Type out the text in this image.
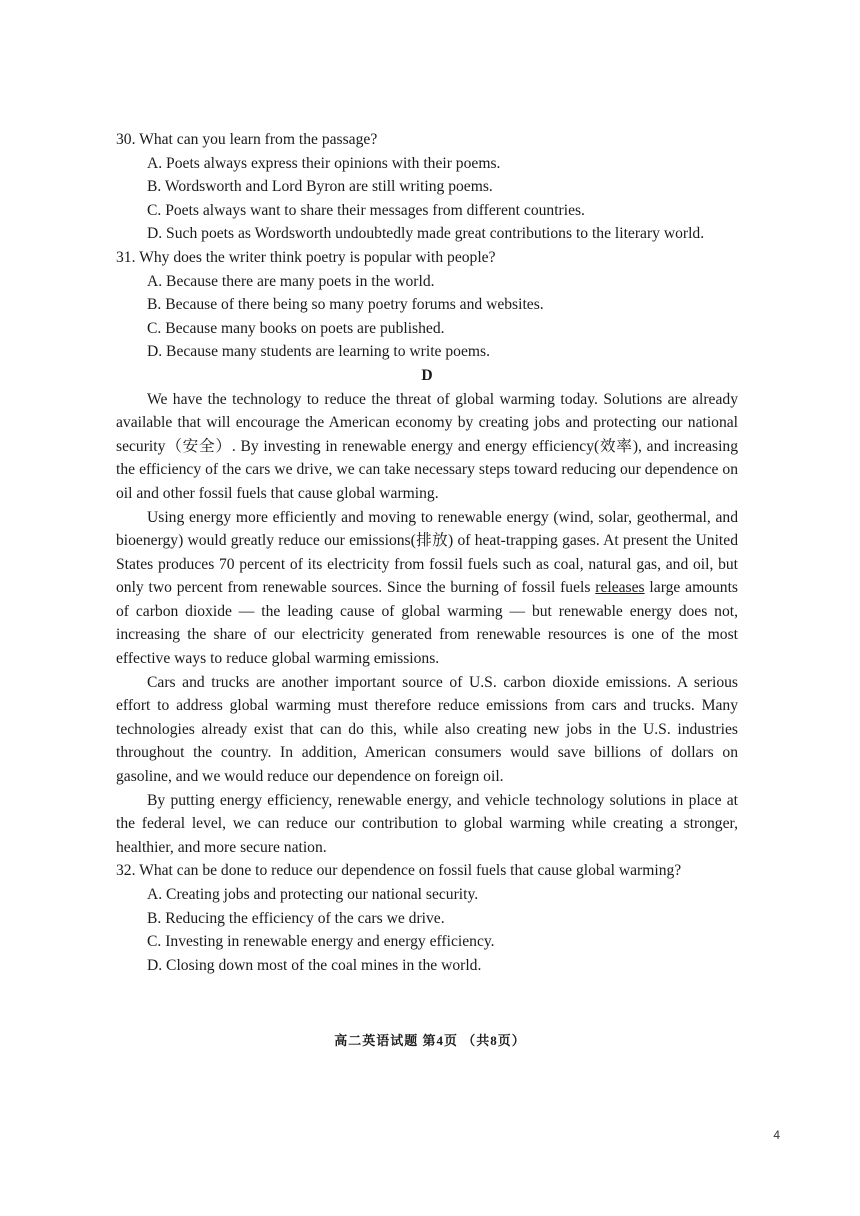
30. What can you learn from the passage?

A. Poets always express their opinions with their poems.

B. Wordsworth and Lord Byron are still writing poems.

C. Poets always want to share their messages from different countries.

D. Such poets as Wordsworth undoubtedly made great contributions to the literary world.

31. Why does the writer think poetry is popular with people?

A. Because there are many poets in the world.

B. Because of there being so many poetry forums and websites.

C. Because many books on poets are published.

D. Because many students are learning to write poems.

D

We have the technology to reduce the threat of global warming today. Solutions are already available that will encourage the American economy by creating jobs and protecting our national security（安全）. By investing in renewable energy and energy efficiency(效率), and increasing the efficiency of the cars we drive, we can take necessary steps toward reducing our dependence on oil and other fossil fuels that cause global warming.

Using energy more efficiently and moving to renewable energy (wind, solar, geothermal, and bioenergy) would greatly reduce our emissions(排放) of heat-trapping gases. At present the United States produces 70 percent of its electricity from fossil fuels such as coal, natural gas, and oil, but only two percent from renewable sources. Since the burning of fossil fuels releases large amounts of carbon dioxide — the leading cause of global warming — but renewable energy does not, increasing the share of our electricity generated from renewable resources is one of the most effective ways to reduce global warming emissions.

Cars and trucks are another important source of U.S. carbon dioxide emissions. A serious effort to address global warming must therefore reduce emissions from cars and trucks. Many technologies already exist that can do this, while also creating new jobs in the U.S. industries throughout the country. In addition, American consumers would save billions of dollars on gasoline, and we would reduce our dependence on foreign oil.

By putting energy efficiency, renewable energy, and vehicle technology solutions in place at the federal level, we can reduce our contribution to global warming while creating a stronger, healthier, and more secure nation.

32. What can be done to reduce our dependence on fossil fuels that cause global warming?

A. Creating jobs and protecting our national security.

B. Reducing the efficiency of the cars we drive.

C. Investing in renewable energy and energy efficiency.

D. Closing down most of the coal mines in the world.

高二英语试题 第4页 （共8页）
4
